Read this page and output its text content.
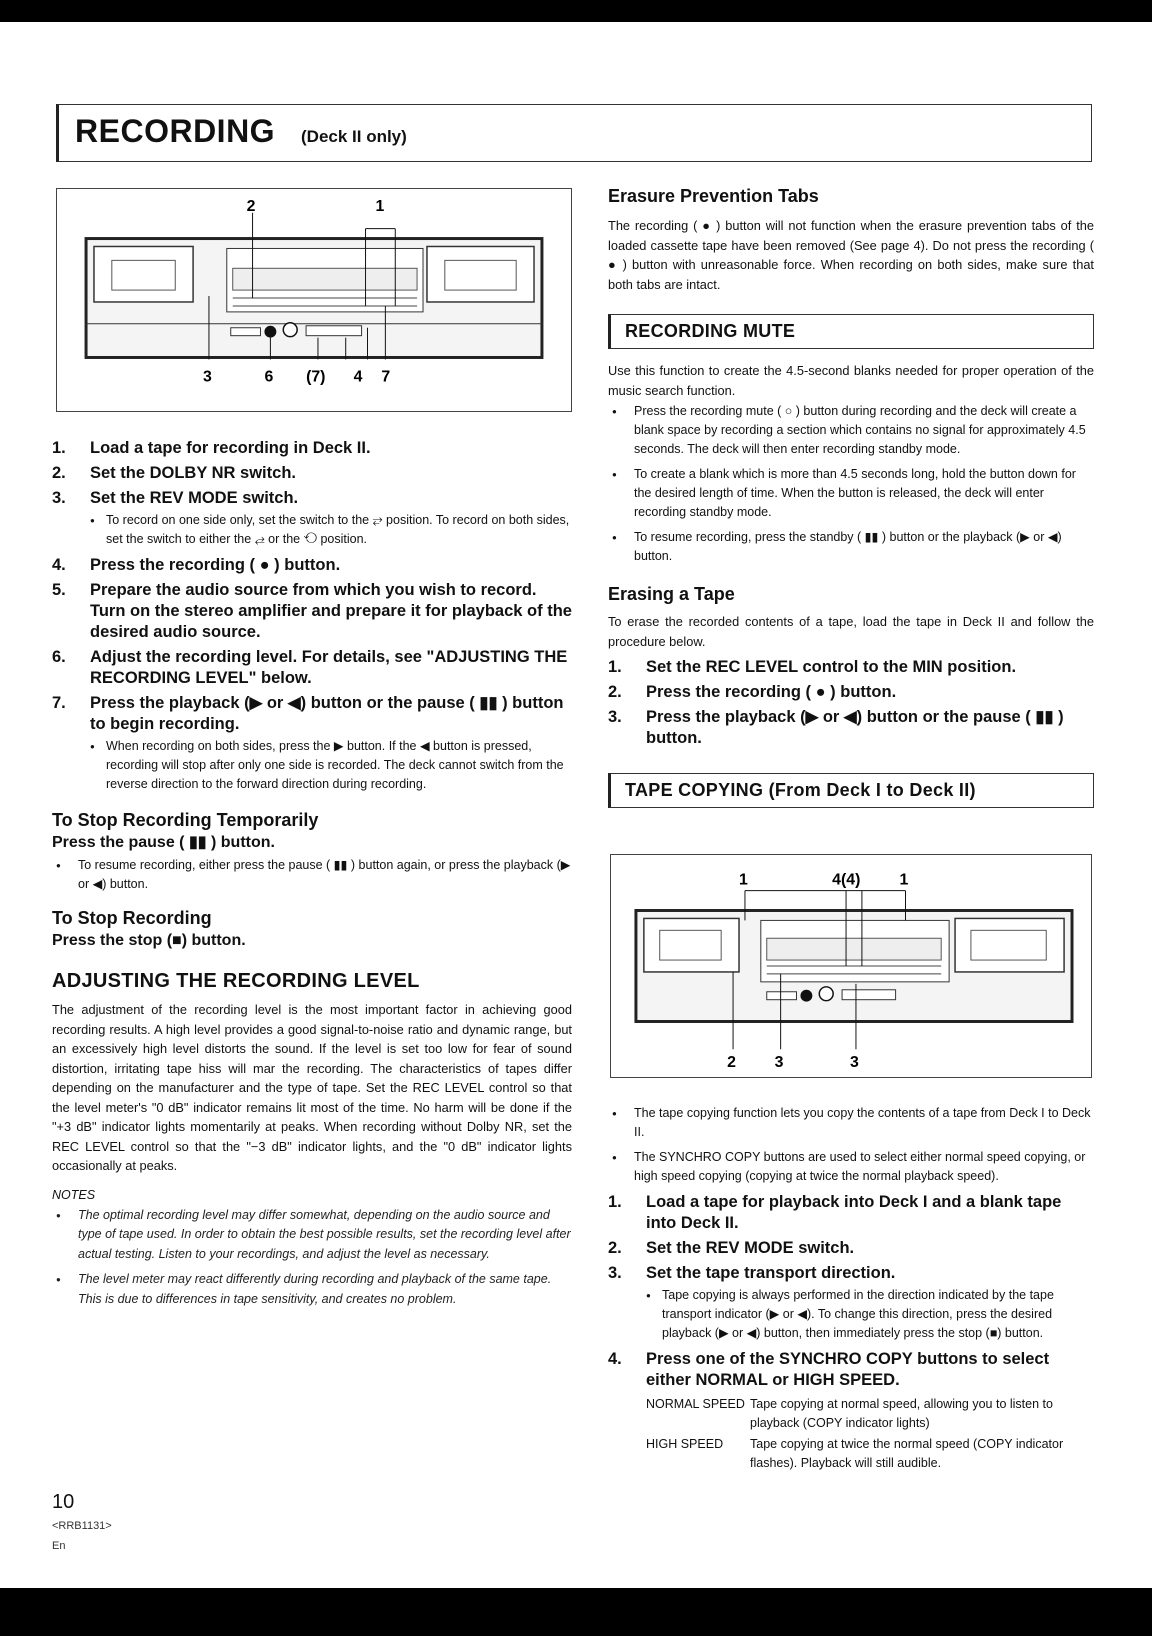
RECORDING (Deck II only)
2	1
3	6 (7) 4 7
1.	Load a tape for recording in Deck II.
2.	Set the DOLBY NR switch.
3.	Set the REV MODE switch.
● To record on one side only, set the switch to the ⥂ position. To record on both sides, set the switch to either the ⥄ or the ⟲ position.
4.	Press the recording ( ● ) button.
5.	Prepare the audio source from which you wish to record. Turn on the stereo amplifier and prepare it for playback of the desired audio source.
6.	Adjust the recording level. For details, see "ADJUSTING THE RECORDING LEVEL" below.
7.	Press the playback (▶ or ◀) button or the pause ( ▮▮ ) button to begin recording.
● When recording on both sides, press the ▶ button. If the ◀ button is pressed, recording will stop after only one side is recorded. The deck cannot switch from the reverse direction to the forward direction during recording.
To Stop Recording Temporarily
Press the pause ( ▮▮ ) button.
● To resume recording, either press the pause ( ▮▮ ) button again, or press the playback (▶ or ◀) button.
To Stop Recording
Press the stop (■) button.
ADJUSTING THE RECORDING LEVEL

The adjustment of the recording level is the most important factor in achieving good recording results. A high level provides a good signal-to-noise ratio and dynamic range, but an excessively high level distorts the sound. If the level is set too low for fear of sound distortion, irritating tape hiss will mar the recording. The characteristics of tapes differ depending on the manufacturer and the type of tape. Set the REC LEVEL control so that the level meter's "0 dB" indicator remains lit most of the time. No harm will be done if the "+3 dB" indicator lights momentarily at peaks. When recording without Dolby NR, set the REC LEVEL control so that the "−3 dB" indicator lights, and the "0 dB" indicator lights occasionally at peaks.

NOTES
● The optimal recording level may differ somewhat, depending on the audio source and type of tape used. In order to obtain the best possible results, set the recording level after actual testing. Listen to your recordings, and adjust the level as necessary.
● The level meter may react differently during recording and playback of the same tape. This is due to differences in tape sensitivity, and creates no problem.
10
<RRB1131>
En
Erasure Prevention Tabs

The recording ( ● ) button will not function when the erasure prevention tabs of the loaded cassette tape have been removed (See page 4). Do not press the recording ( ● ) button with unreasonable force. When recording on both sides, make sure that both tabs are intact.

RECORDING MUTE

Use this function to create the 4.5-second blanks needed for proper operation of the music search function.

● Press the recording mute ( ○ ) button during recording and the deck will create a blank space by recording a section which contains no signal for approximately 4.5 seconds. The deck will then enter recording standby mode.
● To create a blank which is more than 4.5 seconds long, hold the button down for the desired length of time. When the button is released, the deck will enter recording standby mode.
● To resume recording, press the standby ( ▮▮ ) button or the playback (▶ or ◀) button.
Erasing a Tape

To erase the recorded contents of a tape, load the tape in Deck II and follow the procedure below.

1.	Set the REC LEVEL control to the MIN position.
2.	Press the recording ( ● ) button.
3.	Press the playback (▶ or ◀) button or the pause ( ▮▮ ) button.
TAPE COPYING (From Deck I to Deck II)
1	4(4) 1
2 3	3
● The tape copying function lets you copy the contents of a tape from Deck I to Deck II.
● The SYNCHRO COPY buttons are used to select either normal speed copying, or high speed copying (copying at twice the normal playback speed).
1.	Load a tape for playback into Deck I and a blank tape into Deck II.
2.	Set the REV MODE switch.
3.	Set the tape transport direction.
● Tape copying is always performed in the direction indicated by the tape transport indicator (▶ or ◀). To change this direction, press the desired playback (▶ or ◀) button, then immediately press the stop (■) button.
4.	Press one of the SYNCHRO COPY buttons to select either NORMAL or HIGH SPEED.
NORMAL SPEED Tape copying at normal speed, allowing you to listen to playback (COPY indicator lights)
HIGH SPEED	Tape copying at twice the normal speed (COPY indicator flashes). Playback will still audible.
